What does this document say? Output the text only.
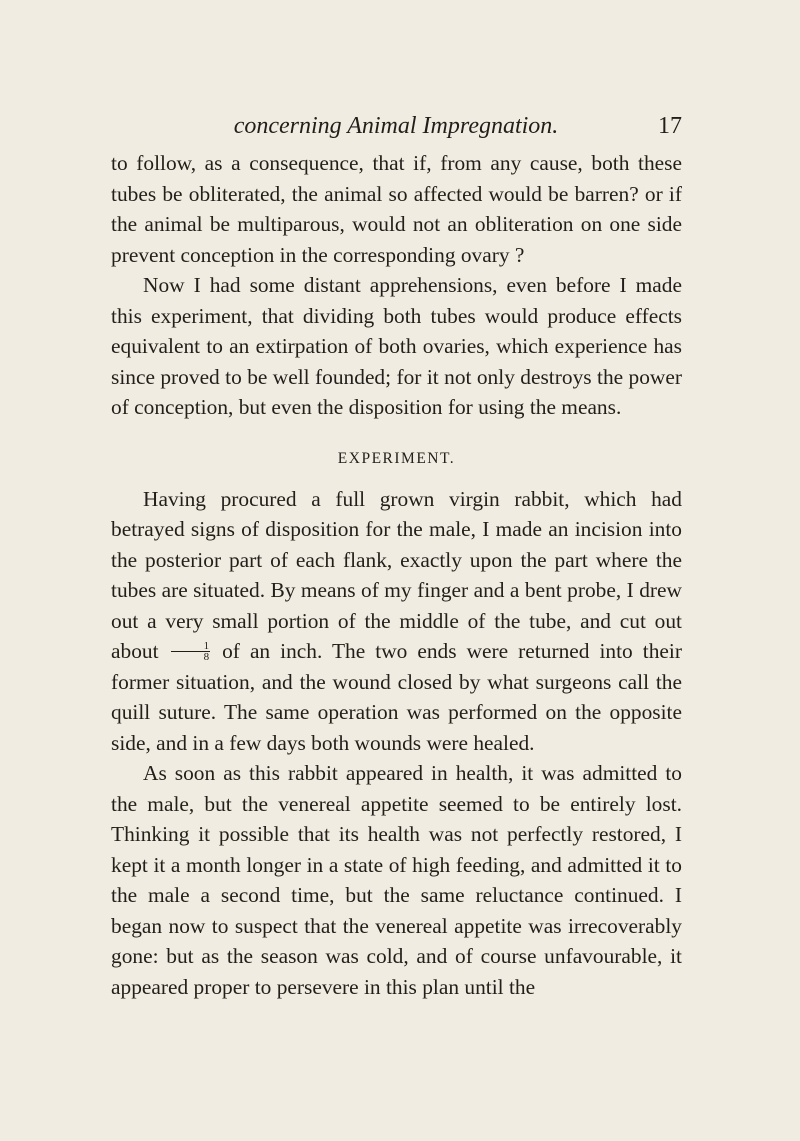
concerning Animal Impregnation.	17

to follow, as a consequence, that if, from any cause, both these tubes be obliterated, the animal so affected would be barren? or if the animal be multiparous, would not an obliteration on one side prevent conception in the corresponding ovary ?

Now I had some distant apprehensions, even before I made this experiment, that dividing both tubes would produce effects equivalent to an extirpation of both ovaries, which experience has since proved to be well founded; for it not only destroys the power of conception, but even the disposition for using the means.

EXPERIMENT.

Having procured a full grown virgin rabbit, which had betrayed signs of disposition for the male, I made an incision into the posterior part of each flank, exactly upon the part where the tubes are situated. By means of my finger and a bent probe, I drew out a very small portion of the middle of the tube, and cut out about $\frac{1}{8}$ of an inch. The two ends were returned into their former situation, and the wound closed by what surgeons call the quill suture. The same operation was performed on the opposite side, and in a few days both wounds were healed.

As soon as this rabbit appeared in health, it was admitted to the male, but the venereal appetite seemed to be entirely lost. Thinking it possible that its health was not perfectly restored, I kept it a month longer in a state of high feeding, and admitted it to the male a second time, but the same reluctance continued. I began now to suspect that the venereal appetite was irrecoverably gone: but as the season was cold, and of course unfavourable, it appeared proper to persevere in this plan until the
